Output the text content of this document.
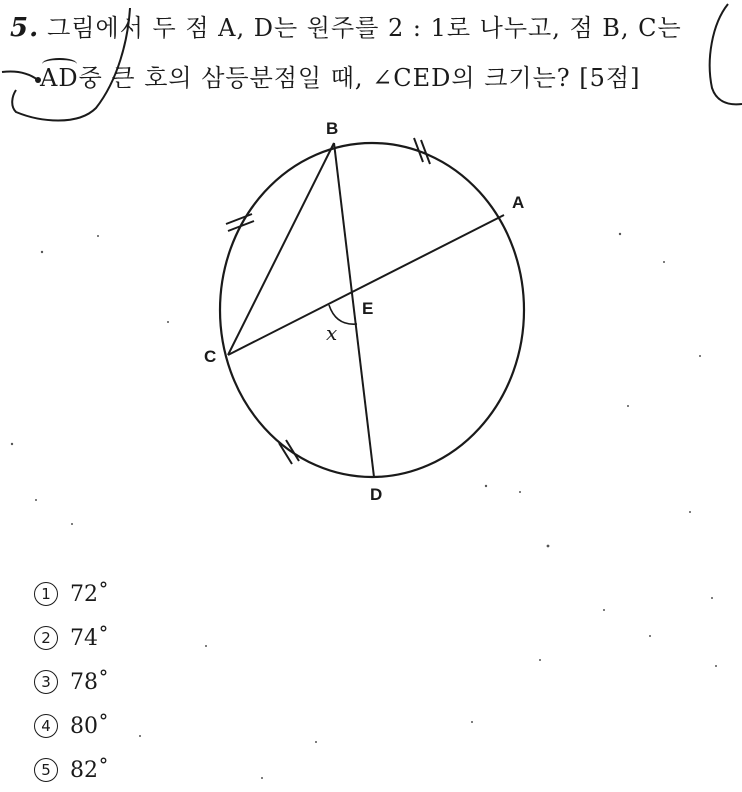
5. 그림에서 두 점 A, D는 원주를 2 : 1로 나누고, 점 B, C는
AD중 큰 호의 삼등분점일 때, ∠CED의 크기는? [5점]
B
A
C
E
D
x
1 72˚
2 74˚
3 78˚
4 80˚
5 82˚
